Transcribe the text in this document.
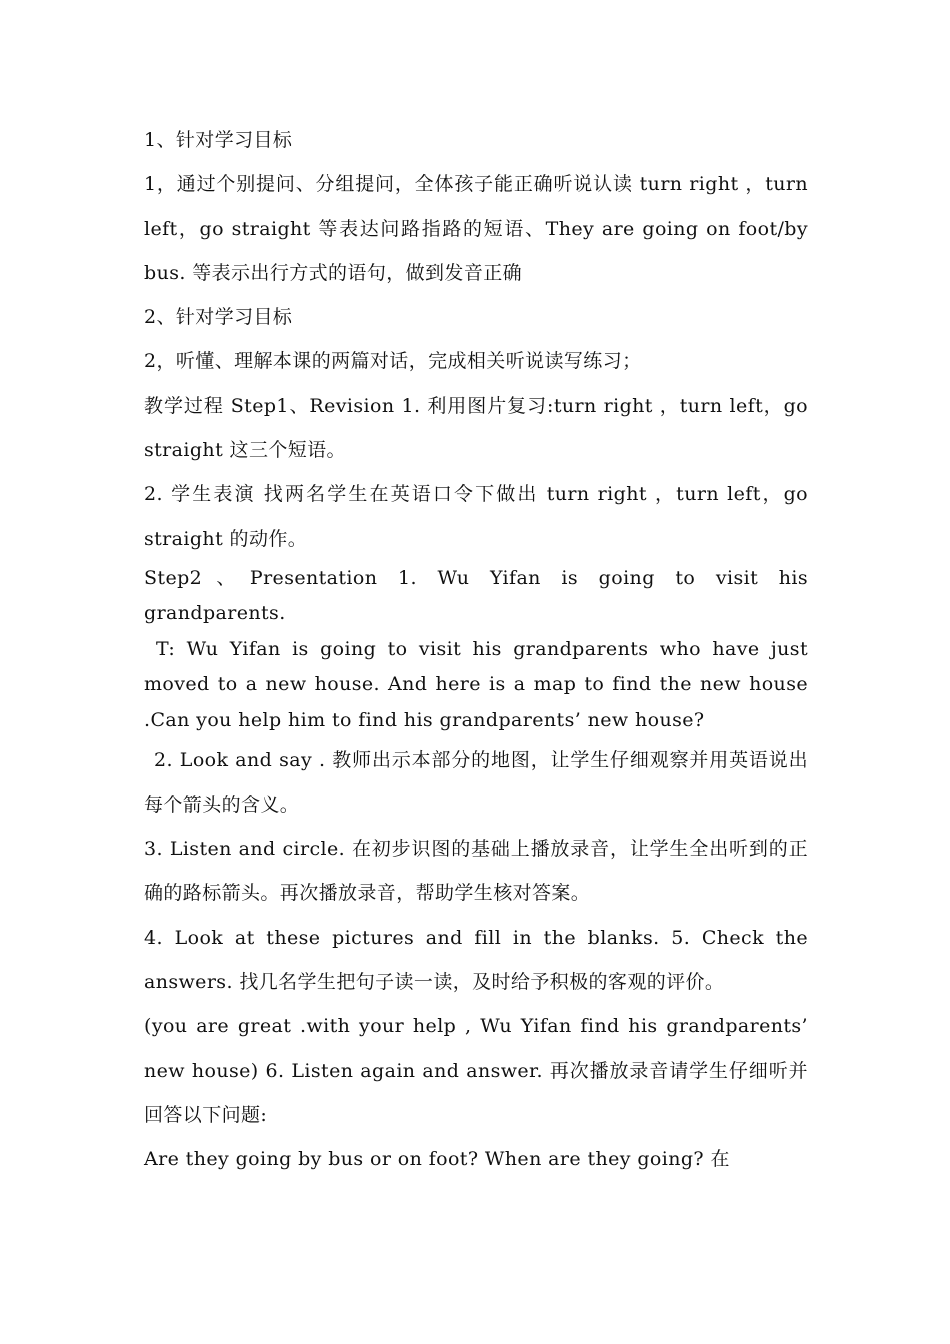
1、针对学习目标

1，通过个别提问、分组提问，全体孩子能正确听说认读 turn right ，turn left，go straight 等表达问路指路的短语、They are going on foot/by bus. 等表示出行方式的语句，做到发音正确

2、针对学习目标

2，听懂、理解本课的两篇对话，完成相关听说读写练习；

教学过程 Step1、Revision 1. 利用图片复习:turn right ，turn left，go straight 这三个短语。

2. 学生表演 找两名学生在英语口令下做出 turn right ，turn left，go straight 的动作。

Step2、Presentation 1. Wu Yifan is going to visit his grandparents.

T: Wu Yifan is going to visit his grandparents who have just moved to a new house. And here is a map to find the new house .Can you help him to find his grandparents’ new house?

2. Look and say . 教师出示本部分的地图，让学生仔细观察并用英语说出每个箭头的含义。

3. Listen and circle. 在初步识图的基础上播放录音，让学生全出听到的正确的路标箭头。再次播放录音，帮助学生核对答案。

4. Look at these pictures and fill in the blanks. 5. Check the answers. 找几名学生把句子读一读，及时给予积极的客观的评价。

(you are great .with your help , Wu Yifan find his grandparents’ new house) 6. Listen again and answer. 再次播放录音请学生仔细听并回答以下问题:

Are they going by bus or on foot? When are they going? 在
